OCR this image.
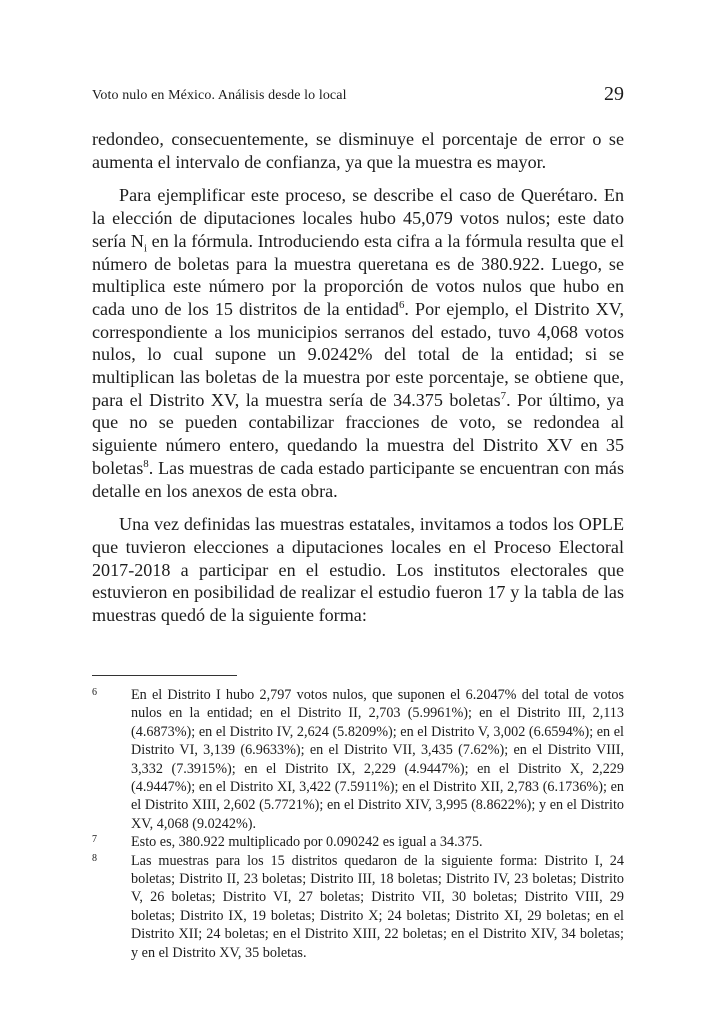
Voto nulo en México. Análisis desde lo local	29

redondeo, consecuentemente, se disminuye el porcentaje de error o se aumenta el intervalo de confianza, ya que la muestra es mayor.

Para ejemplificar este proceso, se describe el caso de Querétaro. En la elección de diputaciones locales hubo 45,079 votos nulos; este dato sería $N_i$ en la fórmula. Introduciendo esta cifra a la fórmula resulta que el número de boletas para la muestra queretana es de 380.922. Luego, se multiplica este número por la proporción de votos nulos que hubo en cada uno de los 15 distritos de la entidad$^6$. Por ejemplo, el Distrito XV, correspondiente a los municipios serranos del estado, tuvo 4,068 votos nulos, lo cual supone un 9.0242% del total de la entidad; si se multiplican las boletas de la muestra por este porcentaje, se obtiene que, para el Distrito XV, la muestra sería de 34.375 boletas$^7$. Por último, ya que no se pueden contabilizar fracciones de voto, se redondea al siguiente número entero, quedando la muestra del Distrito XV en 35 boletas$^8$. Las muestras de cada estado participante se encuentran con más detalle en los anexos de esta obra.

Una vez definidas las muestras estatales, invitamos a todos los OPLE que tuvieron elecciones a diputaciones locales en el Proceso Electoral 2017-2018 a participar en el estudio. Los institutos electorales que estuvieron en posibilidad de realizar el estudio fueron 17 y la tabla de las muestras quedó de la siguiente forma:

6 En el Distrito I hubo 2,797 votos nulos, que suponen el 6.2047% del total de votos nulos en la entidad; en el Distrito II, 2,703 (5.9961%); en el Distrito III, 2,113 (4.6873%); en el Distrito IV, 2,624 (5.8209%); en el Distrito V, 3,002 (6.6594%); en el Distrito VI, 3,139 (6.9633%); en el Distrito VII, 3,435 (7.62%); en el Distrito VIII, 3,332 (7.3915%); en el Distrito IX, 2,229 (4.9447%); en el Distrito X, 2,229 (4.9447%); en el Distrito XI, 3,422 (7.5911%); en el Distrito XII, 2,783 (6.1736%); en el Distrito XIII, 2,602 (5.7721%); en el Distrito XIV, 3,995 (8.8622%); y en el Distrito XV, 4,068 (9.0242%).

7 Esto es, 380.922 multiplicado por 0.090242 es igual a 34.375.

8 Las muestras para los 15 distritos quedaron de la siguiente forma: Distrito I, 24 boletas; Distrito II, 23 boletas; Distrito III, 18 boletas; Distrito IV, 23 boletas; Distrito V, 26 boletas; Distrito VI, 27 boletas; Distrito VII, 30 boletas; Distrito VIII, 29 boletas; Distrito IX, 19 boletas; Distrito X; 24 boletas; Distrito XI, 29 boletas; en el Distrito XII; 24 boletas; en el Distrito XIII, 22 boletas; en el Distrito XIV, 34 boletas; y en el Distrito XV, 35 boletas.
